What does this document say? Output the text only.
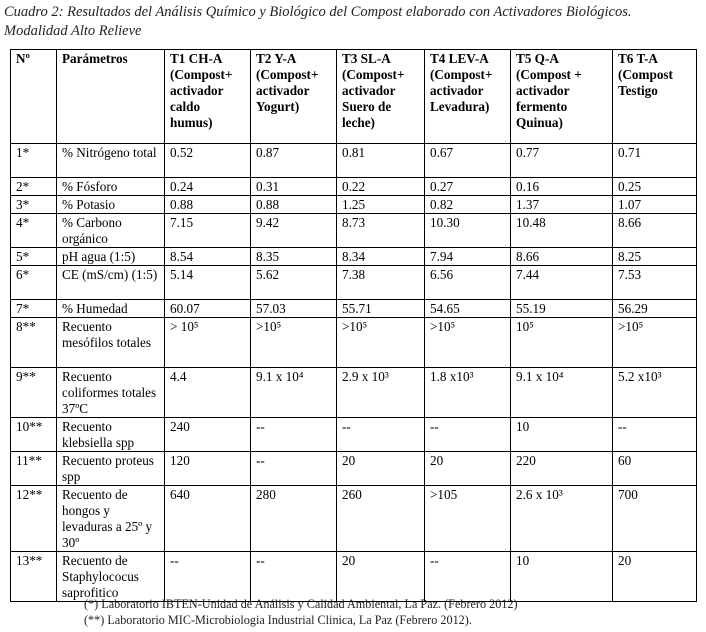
Cuadro 2: Resultados del Análisis Químico y Biológico del Compost elaborado con Activadores Biológicos.
Modalidad Alto Relieve
Nº	Parámetros	T1 CH-A (Compost+ activador caldo humus)	T2 Y-A (Compost+ activador Yogurt)	T3 SL-A (Compost+ activador Suero de leche)	T4 LEV-A (Compost+ activador Levadura)	T5 Q-A (Compost + activador fermento Quinua)	T6 T-A (Compost Testigo
1*	% Nitrógeno total	0.52	0.87	0.81	0.67	0.77	0.71
2*	% Fósforo	0.24	0.31	0.22	0.27	0.16	0.25
3*	% Potasio	0.88	0.88	1.25	0.82	1.37	1.07
4*	% Carbono orgánico	7.15	9.42	8.73	10.30	10.48	8.66
5*	pH agua (1:5)	8.54	8.35	8.34	7.94	8.66	8.25
6*	CE (mS/cm) (1:5)	5.14	5.62	7.38	6.56	7.44	7.53
7*	% Humedad	60.07	57.03	55.71	54.65	55.19	56.29
8**	Recuento mesófilos totales	> 10⁵	>10⁵	>10⁵	>10⁵	10⁵	>10⁵
9**	Recuento coliformes totales 37ºC	4.4	9.1 x 10⁴	2.9 x 10³	1.8 x10³	9.1 x 10⁴	5.2 x10³
10**	Recuento klebsiella spp	240	--	--	--	10	--
11**	Recuento proteus spp	120	--	20	20	220	60
12**	Recuento de hongos y levaduras a 25º y 30º	640	280	260	>105	2.6 x 10³	700
13**	Recuento de Staphylococus saprofitico	--	--	20	--	10	20
(*) Laboratorio IBTEN-Unidad de Análisis y Calidad Ambiental, La Paz. (Febrero 2012)
(**) Laboratorio MIC-Microbiologia Industrial Clinica, La Paz (Febrero 2012).
